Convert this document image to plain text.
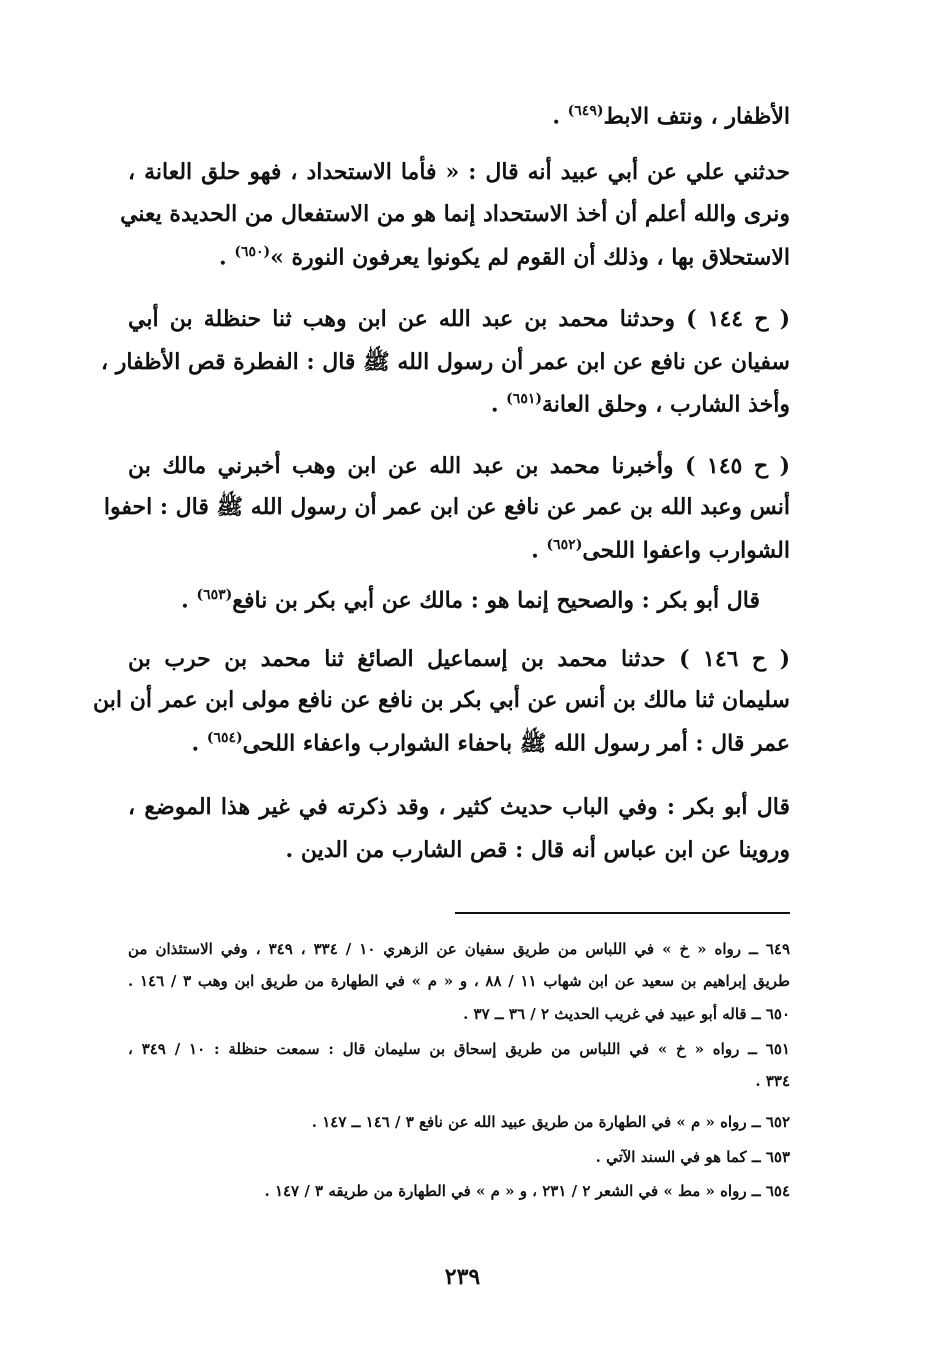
الأظفار ، ونتف الابط$^{(٦٤٩)}$ .
حدثني علي عن أبي عبيد أنه قال : « فأما الاستحداد ، فهو حلق العانة ،
ونرى والله أعلم أن أخذ الاستحداد إنما هو من الاستفعال من الحديدة يعني
الاستحلاق بها ، وذلك أن القوم لم يكونوا يعرفون النورة »$^{(٦٥٠)}$ .
( ح ١٤٤ ) وحدثنا محمد بن عبد الله عن ابن وهب ثنا حنظلة بن أبي
سفيان عن نافع عن ابن عمر أن رسول الله ﷺ قال : الفطرة قص الأظفار ،
وأخذ الشارب ، وحلق العانة$^{(٦٥١)}$ .
( ح ١٤٥ ) وأخبرنا محمد بن عبد الله عن ابن وهب أخبرني مالك بن
أنس وعبد الله بن عمر عن نافع عن ابن عمر أن رسول الله ﷺ قال : احفوا
الشوارب واعفوا اللحى$^{(٦٥٢)}$ .
قال أبو بكر : والصحيح إنما هو : مالك عن أبي بكر بن نافع$^{(٦٥٣)}$ .
( ح ١٤٦ ) حدثنا محمد بن إسماعيل الصائغ ثنا محمد بن حرب بن
سليمان ثنا مالك بن أنس عن أبي بكر بن نافع عن نافع مولى ابن عمر أن ابن
عمر قال : أمر رسول الله ﷺ باحفاء الشوارب واعفاء اللحى$^{(٦٥٤)}$ .
قال أبو بكر : وفي الباب حديث كثير ، وقد ذكرته في غير هذا الموضع ،
وروينا عن ابن عباس أنه قال : قص الشارب من الدين .
٦٤٩ ــ رواه « خ » في اللباس من طريق سفيان عن الزهري ١٠ / ٣٣٤ ، ٣٤٩ ، وفي الاستئذان من
طريق إبراهيم بن سعيد عن ابن شهاب ١١ / ٨٨ ، و « م » في الطهارة من طريق ابن وهب ٣ / ١٤٦ .
٦٥٠ ــ قاله أبو عبيد في غريب الحديث ٢ / ٣٦ ــ ٣٧ .
٦٥١ ــ رواه « خ » في اللباس من طريق إسحاق بن سليمان قال : سمعت حنظلة : ١٠ / ٣٤٩ ،
٣٣٤ .
٦٥٢ ــ رواه « م » في الطهارة من طريق عبيد الله عن نافع ٣ / ١٤٦ ــ ١٤٧ .
٦٥٣ ــ كما هو في السند الآتي .
٦٥٤ ــ رواه « مط » في الشعر ٢ / ٢٣١ ، و « م » في الطهارة من طريقه ٣ / ١٤٧ .
٢٣٩
